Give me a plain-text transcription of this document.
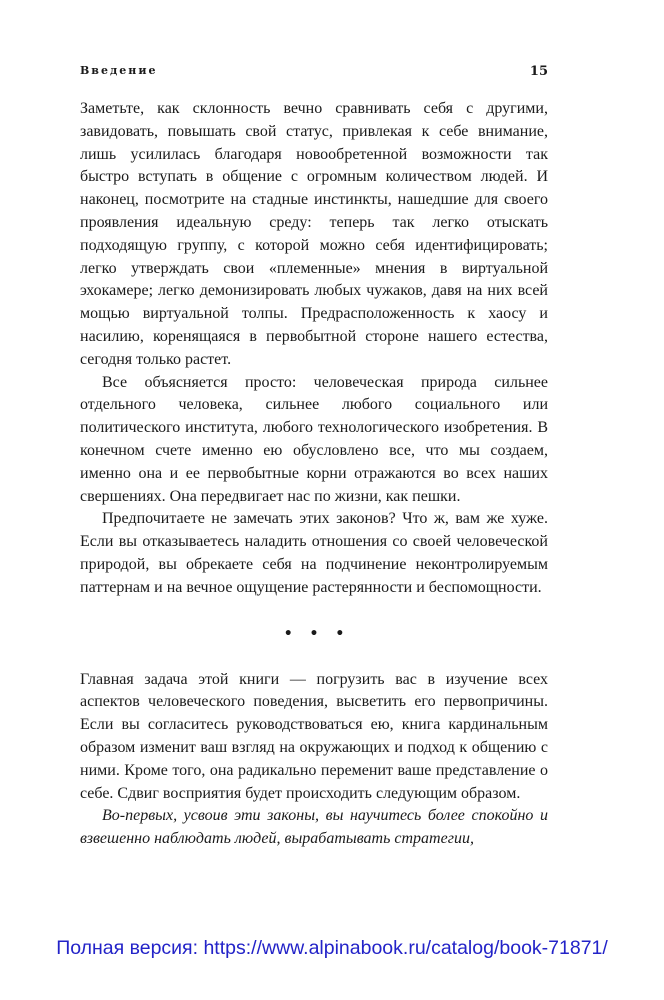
Введение	15

Заметьте, как склонность вечно сравнивать себя с другими, завидовать, повышать свой статус, привлекая к себе внимание, лишь усилилась благодаря новообретенной возможности так быстро вступать в общение с огромным количеством людей. И наконец, посмотрите на стадные инстинкты, нашедшие для своего проявления идеальную среду: теперь так легко отыскать подходящую группу, с которой можно себя идентифицировать; легко утверждать свои «племенные» мнения в виртуальной эхокамере; легко демонизировать любых чужаков, давя на них всей мощью виртуальной толпы. Предрасположенность к хаосу и насилию, коренящаяся в первобытной стороне нашего естества, сегодня только растет.

Все объясняется просто: человеческая природа сильнее отдельного человека, сильнее любого социального или политического института, любого технологического изобретения. В конечном счете именно ею обусловлено все, что мы создаем, именно она и ее первобытные корни отражаются во всех наших свершениях. Она передвигает нас по жизни, как пешки.

Предпочитаете не замечать этих законов? Что ж, вам же хуже. Если вы отказываетесь наладить отношения со своей человеческой природой, вы обрекаете себя на подчинение неконтролируемым паттернам и на вечное ощущение растерянности и беспомощности.

• • •

Главная задача этой книги — погрузить вас в изучение всех аспектов человеческого поведения, высветить его первопричины. Если вы согласитесь руководствоваться ею, книга кардинальным образом изменит ваш взгляд на окружающих и подход к общению с ними. Кроме того, она радикально переменит ваше представление о себе. Сдвиг восприятия будет происходить следующим образом.

Во-первых, усвоив эти законы, вы научитесь более спокойно и взвешенно наблюдать людей, вырабатывать стратегии,

Полная версия: https://www.alpinabook.ru/catalog/book-71871/
